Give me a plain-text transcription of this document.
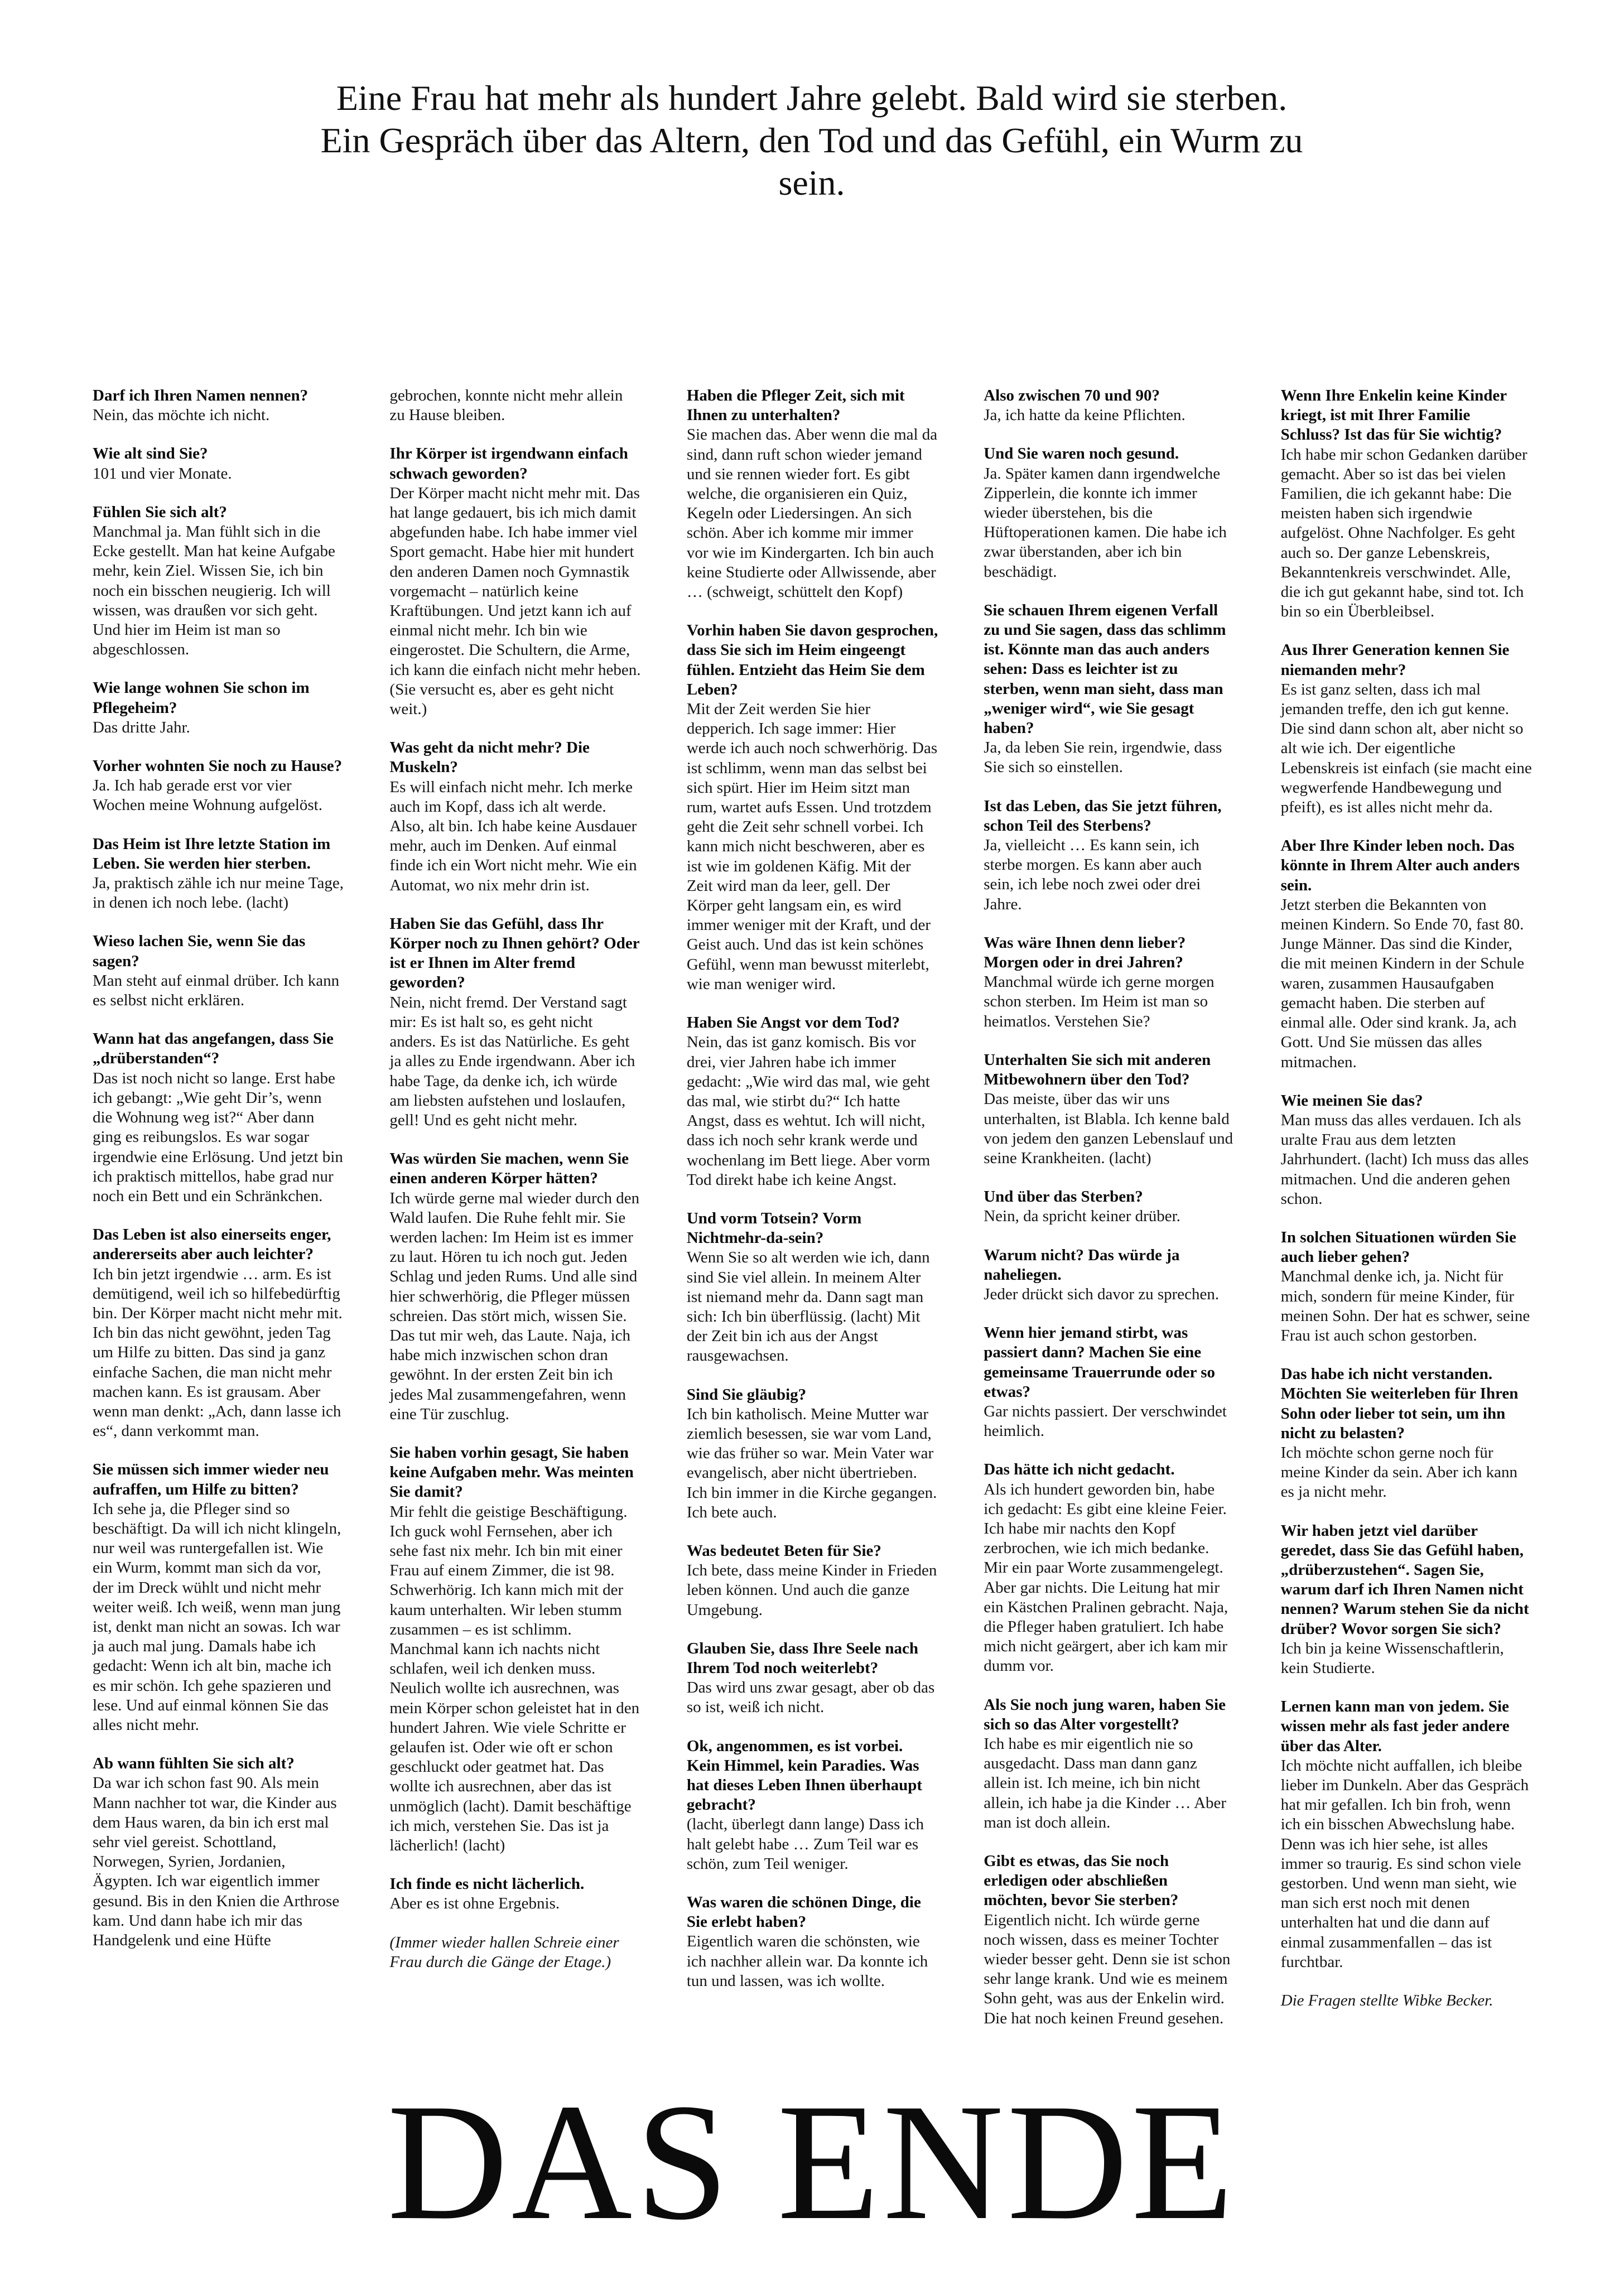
Eine Frau hat mehr als hundert Jahre gelebt. Bald wird sie sterben. Ein Gespräch über das Altern, den Tod und das Gefühl, ein Wurm zu sein.

Darf ich Ihren Namen nennen?
Nein, das möchte ich nicht.
Wie alt sind Sie?
101 und vier Monate.
Fühlen Sie sich alt?
Manchmal ja. Man fühlt sich in die Ecke gestellt. Man hat keine Aufgabe mehr, kein Ziel. Wissen Sie, ich bin noch ein bisschen neugierig. Ich will wissen, was draußen vor sich geht. Und hier im Heim ist man so abgeschlossen.
Wie lange wohnen Sie schon im Pflegeheim?
Das dritte Jahr.
Vorher wohnten Sie noch zu Hause?
Ja. Ich hab gerade erst vor vier Wochen meine Wohnung aufgelöst.
Das Heim ist Ihre letzte Station im Leben. Sie werden hier sterben.
Ja, praktisch zähle ich nur meine Tage, in denen ich noch lebe. (lacht)
Wieso lachen Sie, wenn Sie das sagen?
Man steht auf einmal drüber. Ich kann es selbst nicht erklären.
Wann hat das angefangen, dass Sie „drüberstanden“?
Das ist noch nicht so lange. Erst habe ich gebangt: „Wie geht Dir’s, wenn die Wohnung weg ist?“ Aber dann ging es reibungslos. Es war sogar irgendwie eine Erlösung. Und jetzt bin ich praktisch mittellos, habe grad nur noch ein Bett und ein Schränkchen.
Das Leben ist also einerseits enger, andererseits aber auch leichter?
Ich bin jetzt irgendwie … arm. Es ist demütigend, weil ich so hilfebedürftig bin. Der Körper macht nicht mehr mit. Ich bin das nicht gewöhnt, jeden Tag um Hilfe zu bitten. Das sind ja ganz einfache Sachen, die man nicht mehr machen kann. Es ist grausam. Aber wenn man denkt: „Ach, dann lasse ich es“, dann verkommt man.
Sie müssen sich immer wieder neu aufraffen, um Hilfe zu bitten?
Ich sehe ja, die Pfleger sind so beschäftigt. Da will ich nicht klingeln, nur weil was runtergefallen ist. Wie ein Wurm, kommt man sich da vor, der im Dreck wühlt und nicht mehr weiter weiß. Ich weiß, wenn man jung ist, denkt man nicht an sowas. Ich war ja auch mal jung. Damals habe ich gedacht: Wenn ich alt bin, mache ich es mir schön. Ich gehe spazieren und lese. Und auf einmal können Sie das alles nicht mehr.
Ab wann fühlten Sie sich alt?
Da war ich schon fast 90. Als mein Mann nachher tot war, die Kinder aus dem Haus waren, da bin ich erst mal sehr viel gereist. Schottland, Norwegen, Syrien, Jordanien, Ägypten. Ich war eigentlich immer gesund. Bis in den Knien die Arthrose kam. Und dann habe ich mir das Handgelenk und eine Hüfte
gebrochen, konnte nicht mehr allein zu Hause bleiben.
Ihr Körper ist irgendwann einfach schwach geworden?
Der Körper macht nicht mehr mit. Das hat lange gedauert, bis ich mich damit abgefunden habe. Ich habe immer viel Sport gemacht. Habe hier mit hundert den anderen Damen noch Gymnastik vorgemacht – natürlich keine Kraftübungen. Und jetzt kann ich auf einmal nicht mehr. Ich bin wie eingerostet. Die Schultern, die Arme, ich kann die einfach nicht mehr heben. (Sie versucht es, aber es geht nicht weit.)
Was geht da nicht mehr? Die Muskeln?
Es will einfach nicht mehr. Ich merke auch im Kopf, dass ich alt werde. Also, alt bin. Ich habe keine Ausdauer mehr, auch im Denken. Auf einmal finde ich ein Wort nicht mehr. Wie ein Automat, wo nix mehr drin ist.
Haben Sie das Gefühl, dass Ihr Körper noch zu Ihnen gehört? Oder ist er Ihnen im Alter fremd geworden?
Nein, nicht fremd. Der Verstand sagt mir: Es ist halt so, es geht nicht anders. Es ist das Natürliche. Es geht ja alles zu Ende irgendwann. Aber ich habe Tage, da denke ich, ich würde am liebsten aufstehen und loslaufen, gell! Und es geht nicht mehr.
Was würden Sie machen, wenn Sie einen anderen Körper hätten?
Ich würde gerne mal wieder durch den Wald laufen. Die Ruhe fehlt mir. Sie werden lachen: Im Heim ist es immer zu laut. Hören tu ich noch gut. Jeden Schlag und jeden Rums. Und alle sind hier schwerhörig, die Pfleger müssen schreien. Das stört mich, wissen Sie. Das tut mir weh, das Laute. Naja, ich habe mich inzwischen schon dran gewöhnt. In der ersten Zeit bin ich jedes Mal zusammengefahren, wenn eine Tür zuschlug.
Sie haben vorhin gesagt, Sie haben keine Aufgaben mehr. Was meinten Sie damit?
Mir fehlt die geistige Beschäftigung. Ich guck wohl Fernsehen, aber ich sehe fast nix mehr. Ich bin mit einer Frau auf einem Zimmer, die ist 98. Schwerhörig. Ich kann mich mit der kaum unterhalten. Wir leben stumm zusammen – es ist schlimm. Manchmal kann ich nachts nicht schlafen, weil ich denken muss. Neulich wollte ich ausrechnen, was mein Körper schon geleistet hat in den hundert Jahren. Wie viele Schritte er gelaufen ist. Oder wie oft er schon geschluckt oder geatmet hat. Das wollte ich ausrechnen, aber das ist unmöglich (lacht). Damit beschäftige ich mich, verstehen Sie. Das ist ja lächerlich! (lacht)
Ich finde es nicht lächerlich.
Aber es ist ohne Ergebnis.
(Immer wieder hallen Schreie einer Frau durch die Gänge der Etage.)
Haben die Pfleger Zeit, sich mit Ihnen zu unterhalten?
Sie machen das. Aber wenn die mal da sind, dann ruft schon wieder jemand und sie rennen wieder fort. Es gibt welche, die organisieren ein Quiz, Kegeln oder Liedersingen. An sich schön. Aber ich komme mir immer vor wie im Kindergarten. Ich bin auch keine Studierte oder Allwissende, aber … (schweigt, schüttelt den Kopf)
Vorhin haben Sie davon gesprochen, dass Sie sich im Heim eingeengt fühlen. Entzieht das Heim Sie dem Leben?
Mit der Zeit werden Sie hier depperich. Ich sage immer: Hier werde ich auch noch schwerhörig. Das ist schlimm, wenn man das selbst bei sich spürt. Hier im Heim sitzt man rum, wartet aufs Essen. Und trotzdem geht die Zeit sehr schnell vorbei. Ich kann mich nicht beschweren, aber es ist wie im goldenen Käfig. Mit der Zeit wird man da leer, gell. Der Körper geht langsam ein, es wird immer weniger mit der Kraft, und der Geist auch. Und das ist kein schönes Gefühl, wenn man bewusst miterlebt, wie man weniger wird.
Haben Sie Angst vor dem Tod?
Nein, das ist ganz komisch. Bis vor drei, vier Jahren habe ich immer gedacht: „Wie wird das mal, wie geht das mal, wie stirbt du?“ Ich hatte Angst, dass es wehtut. Ich will nicht, dass ich noch sehr krank werde und wochenlang im Bett liege. Aber vorm Tod direkt habe ich keine Angst.
Und vorm Totsein? Vorm Nichtmehr-da-sein?
Wenn Sie so alt werden wie ich, dann sind Sie viel allein. In meinem Alter ist niemand mehr da. Dann sagt man sich: Ich bin überflüssig. (lacht) Mit der Zeit bin ich aus der Angst rausgewachsen.
Sind Sie gläubig?
Ich bin katholisch. Meine Mutter war ziemlich besessen, sie war vom Land, wie das früher so war. Mein Vater war evangelisch, aber nicht übertrieben. Ich bin immer in die Kirche gegangen. Ich bete auch.
Was bedeutet Beten für Sie?
Ich bete, dass meine Kinder in Frieden leben können. Und auch die ganze Umgebung.
Glauben Sie, dass Ihre Seele nach Ihrem Tod noch weiterlebt?
Das wird uns zwar gesagt, aber ob das so ist, weiß ich nicht.
Ok, angenommen, es ist vorbei. Kein Himmel, kein Paradies. Was hat dieses Leben Ihnen überhaupt gebracht?
(lacht, überlegt dann lange) Dass ich halt gelebt habe … Zum Teil war es schön, zum Teil weniger.
Was waren die schönen Dinge, die Sie erlebt haben?
Eigentlich waren die schönsten, wie ich nachher allein war. Da konnte ich tun und lassen, was ich wollte.
Also zwischen 70 und 90?
Ja, ich hatte da keine Pflichten.
Und Sie waren noch gesund.
Ja. Später kamen dann irgendwelche Zipperlein, die konnte ich immer wieder überstehen, bis die Hüftoperationen kamen. Die habe ich zwar überstanden, aber ich bin beschädigt.
Sie schauen Ihrem eigenen Verfall zu und Sie sagen, dass das schlimm ist. Könnte man das auch anders sehen: Dass es leichter ist zu sterben, wenn man sieht, dass man „weniger wird“, wie Sie gesagt haben?
Ja, da leben Sie rein, irgendwie, dass Sie sich so einstellen.
Ist das Leben, das Sie jetzt führen, schon Teil des Sterbens?
Ja, vielleicht … Es kann sein, ich sterbe morgen. Es kann aber auch sein, ich lebe noch zwei oder drei Jahre.
Was wäre Ihnen denn lieber? Morgen oder in drei Jahren?
Manchmal würde ich gerne morgen schon sterben. Im Heim ist man so heimatlos. Verstehen Sie?
Unterhalten Sie sich mit anderen Mitbewohnern über den Tod?
Das meiste, über das wir uns unterhalten, ist Blabla. Ich kenne bald von jedem den ganzen Lebenslauf und seine Krankheiten. (lacht)
Und über das Sterben?
Nein, da spricht keiner drüber.
Warum nicht? Das würde ja naheliegen.
Jeder drückt sich davor zu sprechen.
Wenn hier jemand stirbt, was passiert dann? Machen Sie eine gemeinsame Trauerrunde oder so etwas?
Gar nichts passiert. Der verschwindet heimlich.
Das hätte ich nicht gedacht.
Als ich hundert geworden bin, habe ich gedacht: Es gibt eine kleine Feier. Ich habe mir nachts den Kopf zerbrochen, wie ich mich bedanke. Mir ein paar Worte zusammengelegt. Aber gar nichts. Die Leitung hat mir ein Kästchen Pralinen gebracht. Naja, die Pfleger haben gratuliert. Ich habe mich nicht geärgert, aber ich kam mir dumm vor.
Als Sie noch jung waren, haben Sie sich so das Alter vorgestellt?
Ich habe es mir eigentlich nie so ausgedacht. Dass man dann ganz allein ist. Ich meine, ich bin nicht allein, ich habe ja die Kinder … Aber man ist doch allein.
Gibt es etwas, das Sie noch erledigen oder abschließen möchten, bevor Sie sterben?
Eigentlich nicht. Ich würde gerne noch wissen, dass es meiner Tochter wieder besser geht. Denn sie ist schon sehr lange krank. Und wie es meinem Sohn geht, was aus der Enkelin wird. Die hat noch keinen Freund gesehen.
Wenn Ihre Enkelin keine Kinder kriegt, ist mit Ihrer Familie Schluss? Ist das für Sie wichtig?
Ich habe mir schon Gedanken darüber gemacht. Aber so ist das bei vielen Familien, die ich gekannt habe: Die meisten haben sich irgendwie aufgelöst. Ohne Nachfolger. Es geht auch so. Der ganze Lebenskreis, Bekanntenkreis verschwindet. Alle, die ich gut gekannt habe, sind tot. Ich bin so ein Überbleibsel.
Aus Ihrer Generation kennen Sie niemanden mehr?
Es ist ganz selten, dass ich mal jemanden treffe, den ich gut kenne. Die sind dann schon alt, aber nicht so alt wie ich. Der eigentliche Lebenskreis ist einfach (sie macht eine wegwerfende Handbewegung und pfeift), es ist alles nicht mehr da.
Aber Ihre Kinder leben noch. Das könnte in Ihrem Alter auch anders sein.
Jetzt sterben die Bekannten von meinen Kindern. So Ende 70, fast 80. Junge Männer. Das sind die Kinder, die mit meinen Kindern in der Schule waren, zusammen Hausaufgaben gemacht haben. Die sterben auf einmal alle. Oder sind krank. Ja, ach Gott. Und Sie müssen das alles mitmachen.
Wie meinen Sie das?
Man muss das alles verdauen. Ich als uralte Frau aus dem letzten Jahrhundert. (lacht) Ich muss das alles mitmachen. Und die anderen gehen schon.
In solchen Situationen würden Sie auch lieber gehen?
Manchmal denke ich, ja. Nicht für mich, sondern für meine Kinder, für meinen Sohn. Der hat es schwer, seine Frau ist auch schon gestorben.
Das habe ich nicht verstanden. Möchten Sie weiterleben für Ihren Sohn oder lieber tot sein, um ihn nicht zu belasten?
Ich möchte schon gerne noch für meine Kinder da sein. Aber ich kann es ja nicht mehr.
Wir haben jetzt viel darüber geredet, dass Sie das Gefühl haben, „drüberzustehen“. Sagen Sie, warum darf ich Ihren Namen nicht nennen? Warum stehen Sie da nicht drüber? Wovor sorgen Sie sich?
Ich bin ja keine Wissenschaftlerin, kein Studierte.
Lernen kann man von jedem. Sie wissen mehr als fast jeder andere über das Alter.
Ich möchte nicht auffallen, ich bleibe lieber im Dunkeln. Aber das Gespräch hat mir gefallen. Ich bin froh, wenn ich ein bisschen Abwechslung habe. Denn was ich hier sehe, ist alles immer so traurig. Es sind schon viele gestorben. Und wenn man sieht, wie man sich erst noch mit denen unterhalten hat und die dann auf einmal zusammenfallen – das ist furchtbar.
Die Fragen stellte Wibke Becker.
DAS ENDE
